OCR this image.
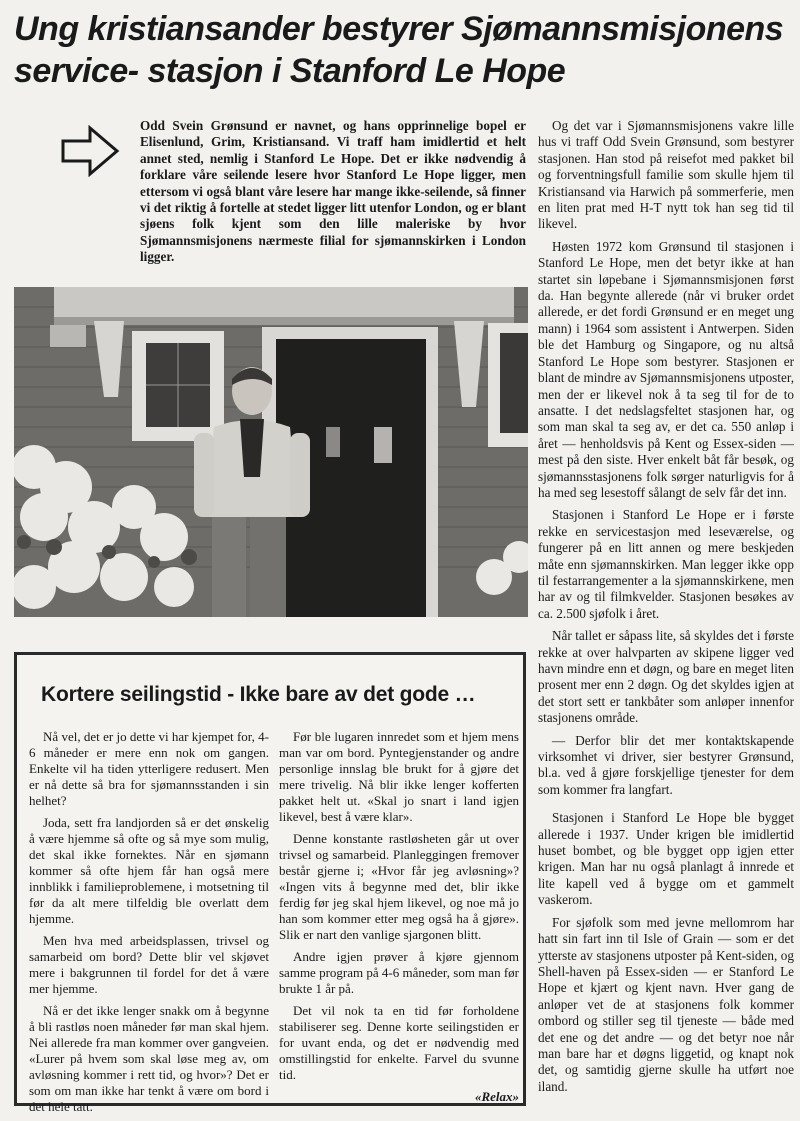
Ung kristiansander bestyrer Sjømannsmisjonens service- stasjon i Stanford Le Hope

Odd Svein Grønsund er navnet, og hans opprinnelige bopel er Elisenlund, Grim, Kristiansand. Vi traff ham imidlertid et helt annet sted, nemlig i Stanford Le Hope. Det er ikke nødvendig å forklare våre seilende lesere hvor Stanford Le Hope ligger, men ettersom vi også blant våre lesere har mange ikke-seilende, så finner vi det riktig å fortelle at stedet ligger litt utenfor London, og er blant sjøens folk kjent som den lille maleriske by hvor Sjømannsmisjonens nærmeste filial for sjømannskirken i London ligger.

Og det var i Sjømannsmisjonens vakre lille hus vi traff Odd Svein Grønsund, som bestyrer stasjonen. Han stod på reisefot med pakket bil og forventningsfull familie som skulle hjem til Kristiansand via Harwich på sommerferie, men en liten prat med H-T nytt tok han seg tid til likevel.

Høsten 1972 kom Grønsund til stasjonen i Stanford Le Hope, men det betyr ikke at han startet sin løpebane i Sjømannsmisjonen først da. Han begynte allerede (når vi bruker ordet allerede, er det fordi Grønsund er en meget ung mann) i 1964 som assistent i Antwerpen. Siden ble det Hamburg og Singapore, og nu altså Stanford Le Hope som bestyrer. Stasjonen er blant de mindre av Sjømannsmisjonens utposter, men der er likevel nok å ta seg til for de to ansatte. I det nedslagsfeltet stasjonen har, og som man skal ta seg av, er det ca. 550 anløp i året — henholdsvis på Kent og Essex-siden — mest på den siste. Hver enkelt båt får besøk, og sjømannsstasjonens folk sørger naturligvis for å ha med seg lesestoff sålangt de selv får det inn.

Stasjonen i Stanford Le Hope er i første rekke en servicestasjon med leseværelse, og fungerer på en litt annen og mere beskjeden måte enn sjømannskirken. Man legger ikke opp til festarrangementer a la sjømannskirkene, men har av og til filmkvelder. Stasjonen besøkes av ca. 2.500 sjøfolk i året.

Når tallet er såpass lite, så skyldes det i første rekke at over halvparten av skipene ligger ved havn mindre enn et døgn, og bare en meget liten prosent mer enn 2 døgn. Og det skyldes igjen at det stort sett er tankbåter som anløper innenfor stasjonens område.

— Derfor blir det mer kontaktskapende virksomhet vi driver, sier bestyrer Grønsund, bl.a. ved å gjøre forskjellige tjenester for dem som kommer fra langfart.

Stasjonen i Stanford Le Hope ble bygget allerede i 1937. Under krigen ble imidlertid huset bombet, og ble bygget opp igjen etter krigen. Man har nu også planlagt å innrede et lite kapell ved å bygge om et gammelt vaskerom.

For sjøfolk som med jevne mellomrom har hatt sin fart inn til Isle of Grain — som er det ytterste av stasjonens utposter på Kent-siden, og Shell-haven på Essex-siden — er Stanford Le Hope et kjært og kjent navn. Hver gang de anløper vet de at stasjonens folk kommer ombord og stiller seg til tjeneste — både med det ene og det andre — og det betyr noe når man bare har et døgns liggetid, og knapt nok det, og samtidig gjerne skulle ha utført noe iland.

Kortere seilingstid - Ikke bare av det gode …

Nå vel, det er jo dette vi har kjempet for, 4-6 måneder er mere enn nok om gangen. Enkelte vil ha tiden ytterligere redusert. Men er nå dette så bra for sjømannsstanden i sin helhet?

Joda, sett fra landjorden så er det ønskelig å være hjemme så ofte og så mye som mulig, det skal ikke fornektes. Når en sjømann kommer så ofte hjem får han også mere innblikk i familieproblemene, i motsetning til før da alt mere tilfeldig ble overlatt dem hjemme.

Men hva med arbeidsplassen, trivsel og samarbeid om bord? Dette blir vel skjøvet mere i bakgrunnen til fordel for det å være mer hjemme.

Nå er det ikke lenger snakk om å begynne å bli rastløs noen måneder før man skal hjem. Nei allerede fra man kommer over gangveien. «Lurer på hvem som skal løse meg av, om avløsning kommer i rett tid, og hvor»? Det er som om man ikke har tenkt å være om bord i det hele tatt.

Før ble lugaren innredet som et hjem mens man var om bord. Pyntegjenstander og andre personlige innslag ble brukt for å gjøre det mere trivelig. Nå blir ikke lenger kofferten pakket helt ut. «Skal jo snart i land igjen likevel, best å være klar».

Denne konstante rastløsheten går ut over trivsel og samarbeid. Planleggingen fremover består gjerne i; «Hvor får jeg avløsning»? «Ingen vits å begynne med det, blir ikke ferdig før jeg skal hjem likevel, og noe må jo han som kommer etter meg også ha å gjøre». Slik er nart den vanlige sjargonen blitt.

Andre igjen prøver å kjøre gjennom samme program på 4-6 måneder, som man før brukte 1 år på.

Det vil nok ta en tid før forholdene stabiliserer seg. Denne korte seilingstiden er for uvant enda, og det er nødvendig med omstillingstid for enkelte. Farvel du svunne tid.

«Relax»
